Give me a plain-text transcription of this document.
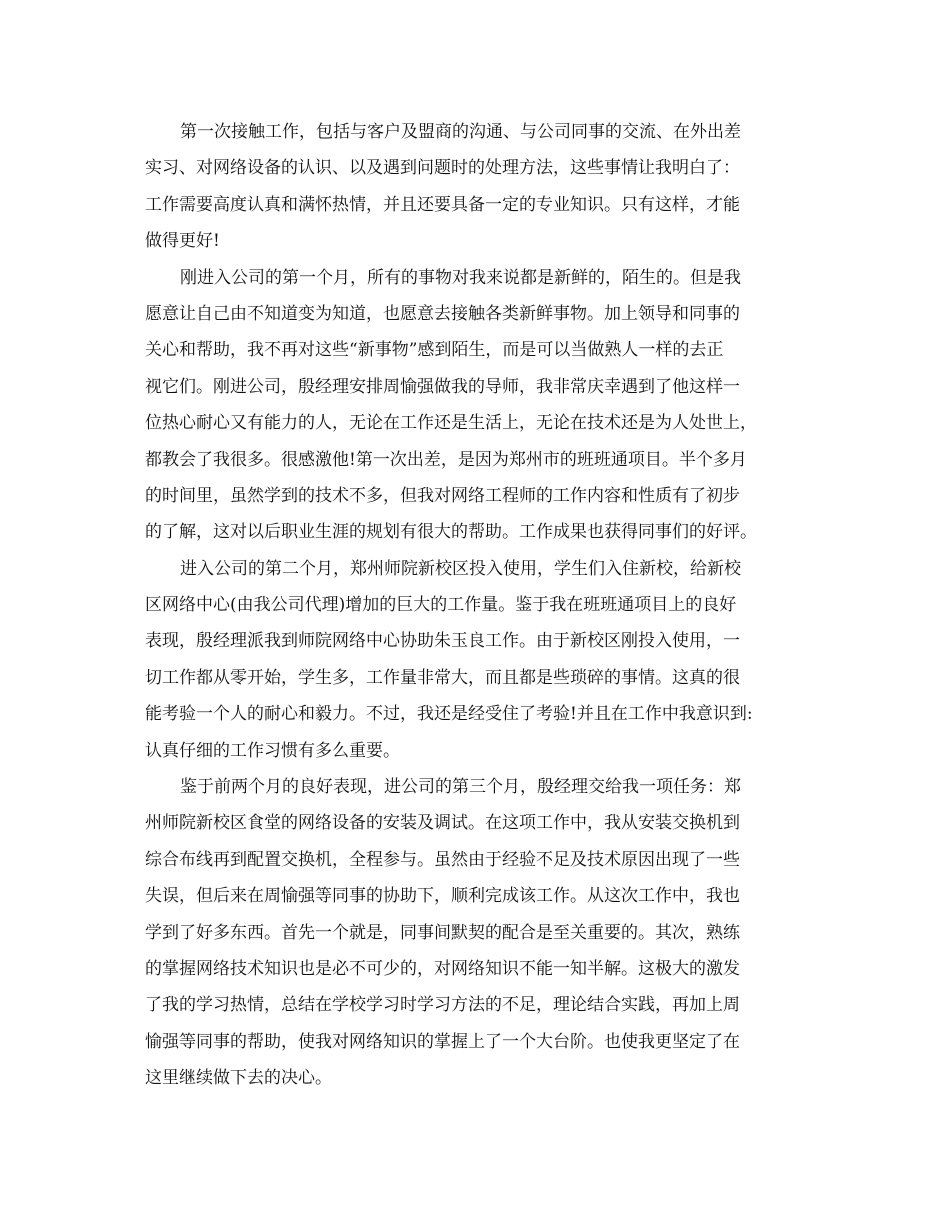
第一次接触工作，包括与客户及盟商的沟通、与公司同事的交流、在外出差
实习、对网络设备的认识、以及遇到问题时的处理方法，这些事情让我明白了：
工作需要高度认真和满怀热情，并且还要具备一定的专业知识。只有这样，才能
做得更好!

刚进入公司的第一个月，所有的事物对我来说都是新鲜的，陌生的。但是我
愿意让自己由不知道变为知道，也愿意去接触各类新鲜事物。加上领导和同事的
关心和帮助，我不再对这些“新事物”感到陌生，而是可以当做熟人一样的去正
视它们。刚进公司，殷经理安排周愉强做我的导师，我非常庆幸遇到了他这样一
位热心耐心又有能力的人，无论在工作还是生活上，无论在技术还是为人处世上，
都教会了我很多。很感激他!第一次出差，是因为郑州市的班班通项目。半个多月
的时间里，虽然学到的技术不多，但我对网络工程师的工作内容和性质有了初步
的了解，这对以后职业生涯的规划有很大的帮助。工作成果也获得同事们的好评。

进入公司的第二个月，郑州师院新校区投入使用，学生们入住新校，给新校
区网络中心(由我公司代理)增加的巨大的工作量。鉴于我在班班通项目上的良好
表现，殷经理派我到师院网络中心协助朱玉良工作。由于新校区刚投入使用，一
切工作都从零开始，学生多，工作量非常大，而且都是些琐碎的事情。这真的很
能考验一个人的耐心和毅力。不过，我还是经受住了考验!并且在工作中我意识到:
认真仔细的工作习惯有多么重要。

鉴于前两个月的良好表现，进公司的第三个月，殷经理交给我一项任务：郑
州师院新校区食堂的网络设备的安装及调试。在这项工作中，我从安装交换机到
综合布线再到配置交换机，全程参与。虽然由于经验不足及技术原因出现了一些
失误，但后来在周愉强等同事的协助下，顺利完成该工作。从这次工作中，我也
学到了好多东西。首先一个就是，同事间默契的配合是至关重要的。其次，熟练
的掌握网络技术知识也是必不可少的，对网络知识不能一知半解。这极大的激发
了我的学习热情，总结在学校学习时学习方法的不足，理论结合实践，再加上周
愉强等同事的帮助，使我对网络知识的掌握上了一个大台阶。也使我更坚定了在
这里继续做下去的决心。
